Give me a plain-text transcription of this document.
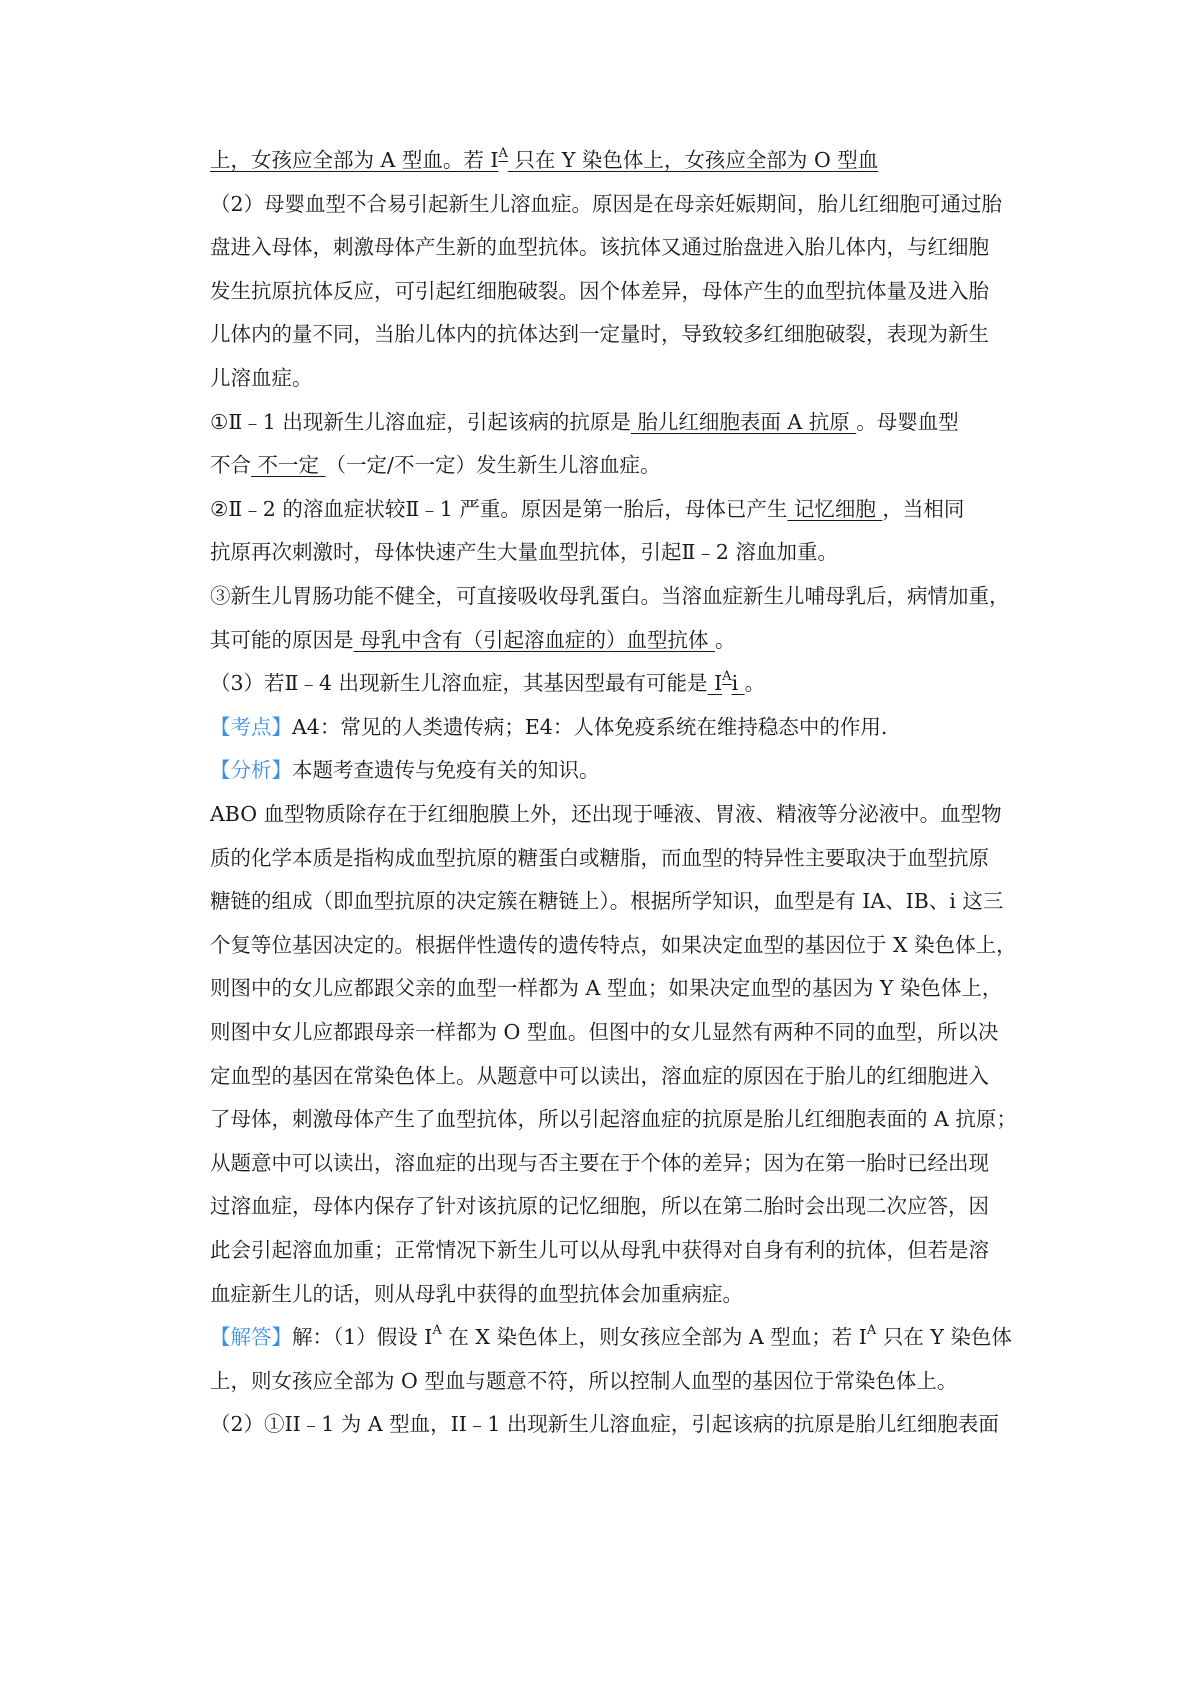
上，女孩应全部为 A 型血。若 $I^A$ 只在 Y 染色体上，女孩应全部为 O 型血
（2）母婴血型不合易引起新生儿溶血症。原因是在母亲妊娠期间，胎儿红细胞可通过胎
盘进入母体，刺激母体产生新的血型抗体。该抗体又通过胎盘进入胎儿体内，与红细胞
发生抗原抗体反应，可引起红细胞破裂。因个体差异，母体产生的血型抗体量及进入胎
儿体内的量不同，当胎儿体内的抗体达到一定量时，导致较多红细胞破裂，表现为新生
儿溶血症。
①Ⅱ﹣1 出现新生儿溶血症，引起该病的抗原是 胎儿红细胞表面 A 抗原 。母婴血型
不合 不一定 （一定/不一定）发生新生儿溶血症。
②Ⅱ﹣2 的溶血症状较Ⅱ﹣1 严重。原因是第一胎后，母体已产生 记忆细胞 ，当相同
抗原再次刺激时，母体快速产生大量血型抗体，引起Ⅱ﹣2 溶血加重。
③新生儿胃肠功能不健全，可直接吸收母乳蛋白。当溶血症新生儿哺母乳后，病情加重，
其可能的原因是 母乳中含有（引起溶血症的）血型抗体 。
（3）若Ⅱ﹣4 出现新生儿溶血症，其基因型最有可能是 $I^Ai$ 。
【考点】A4：常见的人类遗传病；E4：人体免疫系统在维持稳态中的作用.
【分析】本题考查遗传与免疫有关的知识。
ABO 血型物质除存在于红细胞膜上外，还出现于唾液、胃液、精液等分泌液中。血型物
质的化学本质是指构成血型抗原的糖蛋白或糖脂，而血型的特异性主要取决于血型抗原
糖链的组成（即血型抗原的决定簇在糖链上）。根据所学知识，血型是有 IA、IB、i 这三
个复等位基因决定的。根据伴性遗传的遗传特点，如果决定血型的基因位于 X 染色体上，
则图中的女儿应都跟父亲的血型一样都为 A 型血；如果决定血型的基因为 Y 染色体上，
则图中女儿应都跟母亲一样都为 O 型血。但图中的女儿显然有两种不同的血型，所以决
定血型的基因在常染色体上。从题意中可以读出，溶血症的原因在于胎儿的红细胞进入
了母体，刺激母体产生了血型抗体，所以引起溶血症的抗原是胎儿红细胞表面的 A 抗原；
从题意中可以读出，溶血症的出现与否主要在于个体的差异；因为在第一胎时已经出现
过溶血症，母体内保存了针对该抗原的记忆细胞，所以在第二胎时会出现二次应答，因
此会引起溶血加重；正常情况下新生儿可以从母乳中获得对自身有利的抗体，但若是溶
血症新生儿的话，则从母乳中获得的血型抗体会加重病症。
【解答】解：（1）假设 $I^A$ 在 X 染色体上，则女孩应全部为 A 型血；若 $I^A$ 只在 Y 染色体
上，则女孩应全部为 O 型血与题意不符，所以控制人血型的基因位于常染色体上。
（2）①II﹣1 为 A 型血，II﹣1 出现新生儿溶血症，引起该病的抗原是胎儿红细胞表面
